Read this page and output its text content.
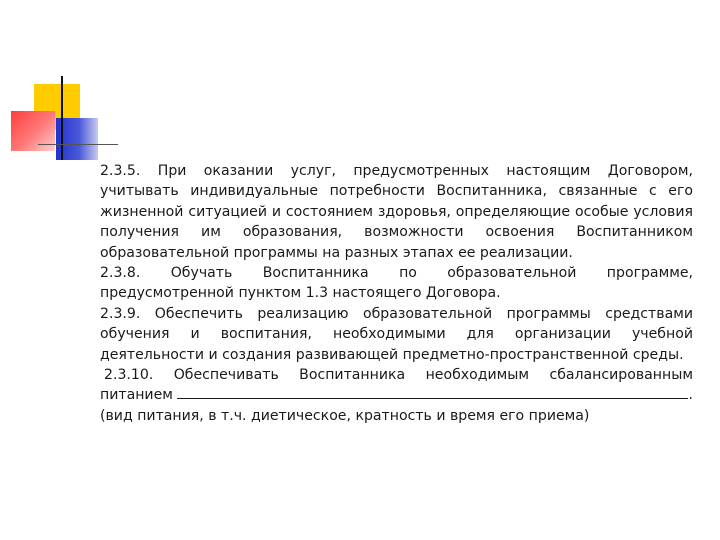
2.3.5. При оказании услуг, предусмотренных настоящим Договором, учитывать индивидуальные потребности Воспитанника, связанные с его жизненной ситуацией и состоянием здоровья, определяющие особые условия получения им образования, возможности освоения Воспитанником образовательной программы на разных этапах ее реализации.

2.3.8. Обучать Воспитанника по образовательной программе, предусмотренной пунктом 1.3 настоящего Договора.

2.3.9. Обеспечить реализацию образовательной программы средствами обучения и воспитания, необходимыми для организации учебной деятельности и создания развивающей предметно-пространственной среды.

2.3.10. Обеспечивать Воспитанника необходимым сбалансированным

питанием	.

(вид питания, в т.ч. диетическое, кратность и время его приема)
